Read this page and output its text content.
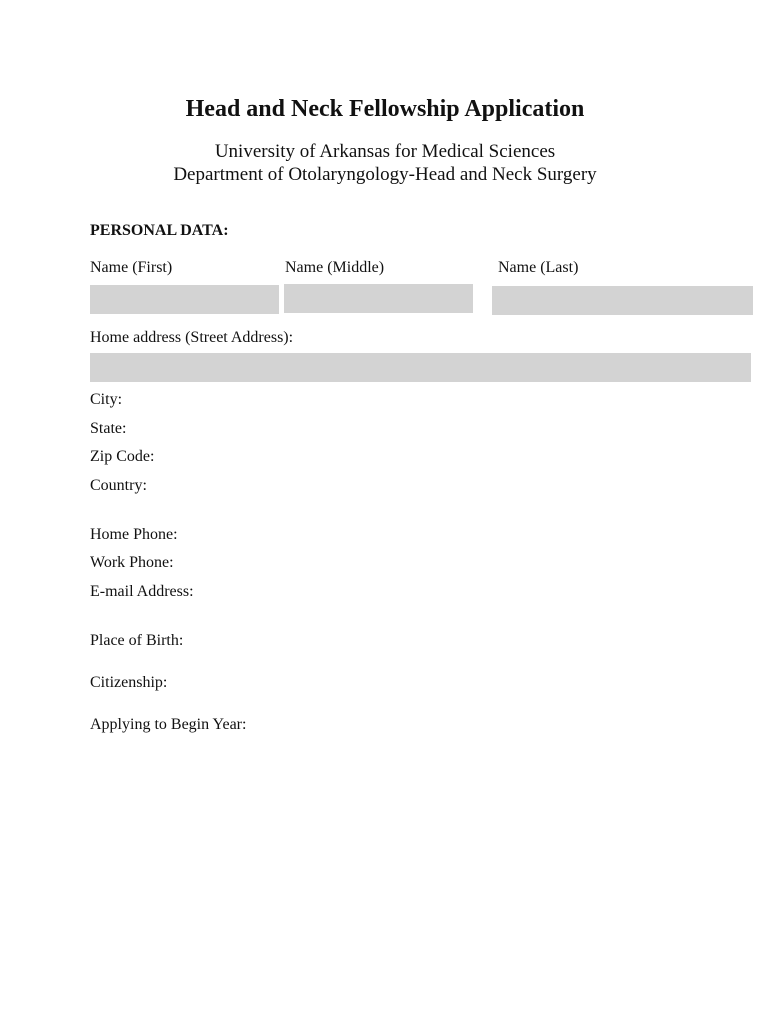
Head and Neck Fellowship Application
University of Arkansas for Medical Sciences
Department of Otolaryngology-Head and Neck Surgery
PERSONAL DATA:
Name (First)	Name (Middle)	Name (Last)
Home address (Street Address):
City:
State:
Zip Code:
Country:
Home Phone:
Work Phone:
E-mail Address:
Place of Birth:
Citizenship:
Applying to Begin Year:
